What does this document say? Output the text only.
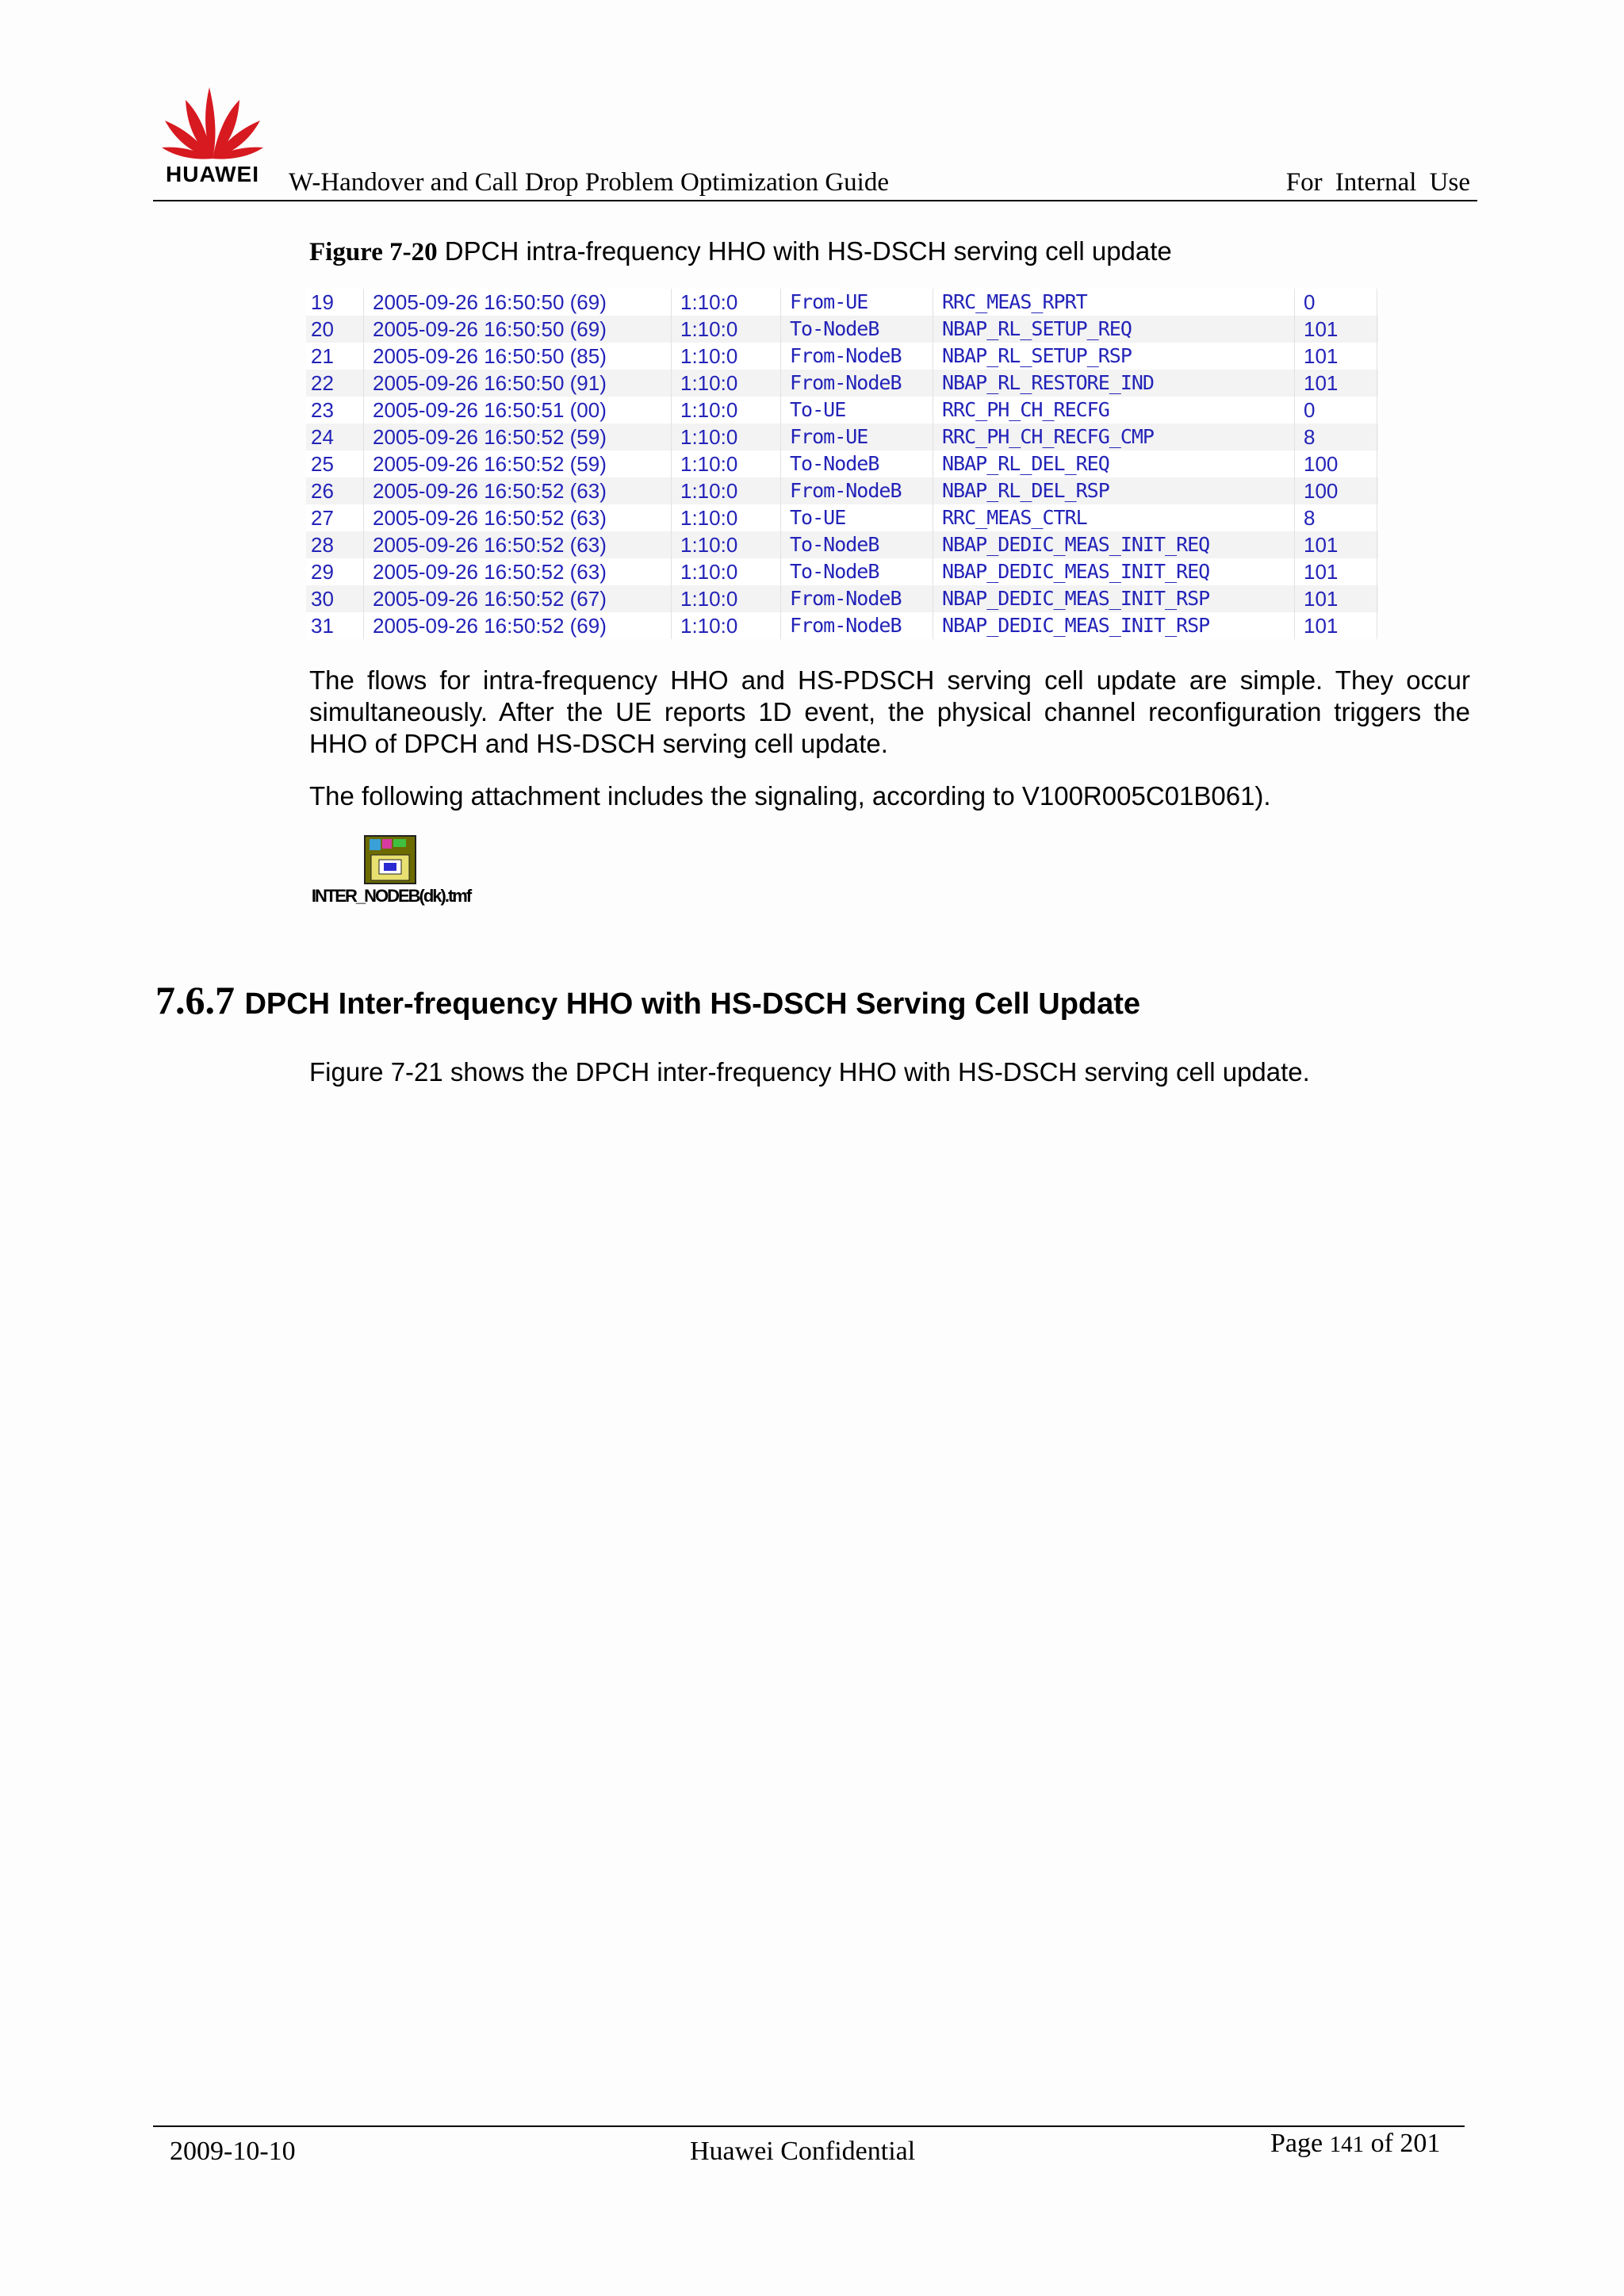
HUAWEI W-Handover and Call Drop Problem Optimization Guide	For Internal Use
Figure 7-20 DPCH intra-frequency HHO with HS-DSCH serving cell update
19 2005-09-26 16:50:50 (69)	1:10:0	From-UE	RRC_MEAS_RPRT	0
20 2005-09-26 16:50:50 (69)	1:10:0	To-NodeB	NBAP_RL_SETUP_REQ	101
21 2005-09-26 16:50:50 (85)	1:10:0	From-NodeB NBAP_RL_SETUP_RSP	101
22 2005-09-26 16:50:50 (91)	1:10:0	From-NodeB NBAP_RL_RESTORE_IND	101
23 2005-09-26 16:50:51 (00)	1:10:0	To-UE	RRC_PH_CH_RECFG	0
24 2005-09-26 16:50:52 (59)	1:10:0	From-UE	RRC_PH_CH_RECFG_CMP	8
25 2005-09-26 16:50:52 (59)	1:10:0	To-NodeB	NBAP_RL_DEL_REQ	100
26 2005-09-26 16:50:52 (63)	1:10:0	From-NodeB NBAP_RL_DEL_RSP	100
27 2005-09-26 16:50:52 (63)	1:10:0	To-UE	RRC_MEAS_CTRL	8
28 2005-09-26 16:50:52 (63)	1:10:0	To-NodeB	NBAP_DEDIC_MEAS_INIT_REQ	101
29 2005-09-26 16:50:52 (63)	1:10:0	To-NodeB	NBAP_DEDIC_MEAS_INIT_REQ	101
30 2005-09-26 16:50:52 (67)	1:10:0	From-NodeB NBAP_DEDIC_MEAS_INIT_RSP	101
31 2005-09-26 16:50:52 (69)	1:10:0	From-NodeB NBAP_DEDIC_MEAS_INIT_RSP	101
The flows for intra-frequency HHO and HS-PDSCH serving cell update are simple. They occur simultaneously. After the UE reports 1D event, the physical channel reconfiguration triggers the HHO of DPCH and HS-DSCH serving cell update.
The following attachment includes the signaling, according to V100R005C01B061).
INTER_NODEB(dk).tmf
7.6.7 DPCH Inter-frequency HHO with HS-DSCH Serving Cell Update
Figure 7-21 shows the DPCH inter-frequency HHO with HS-DSCH serving cell update.
2009-10-10	Huawei Confidential	Page 141 of 201
